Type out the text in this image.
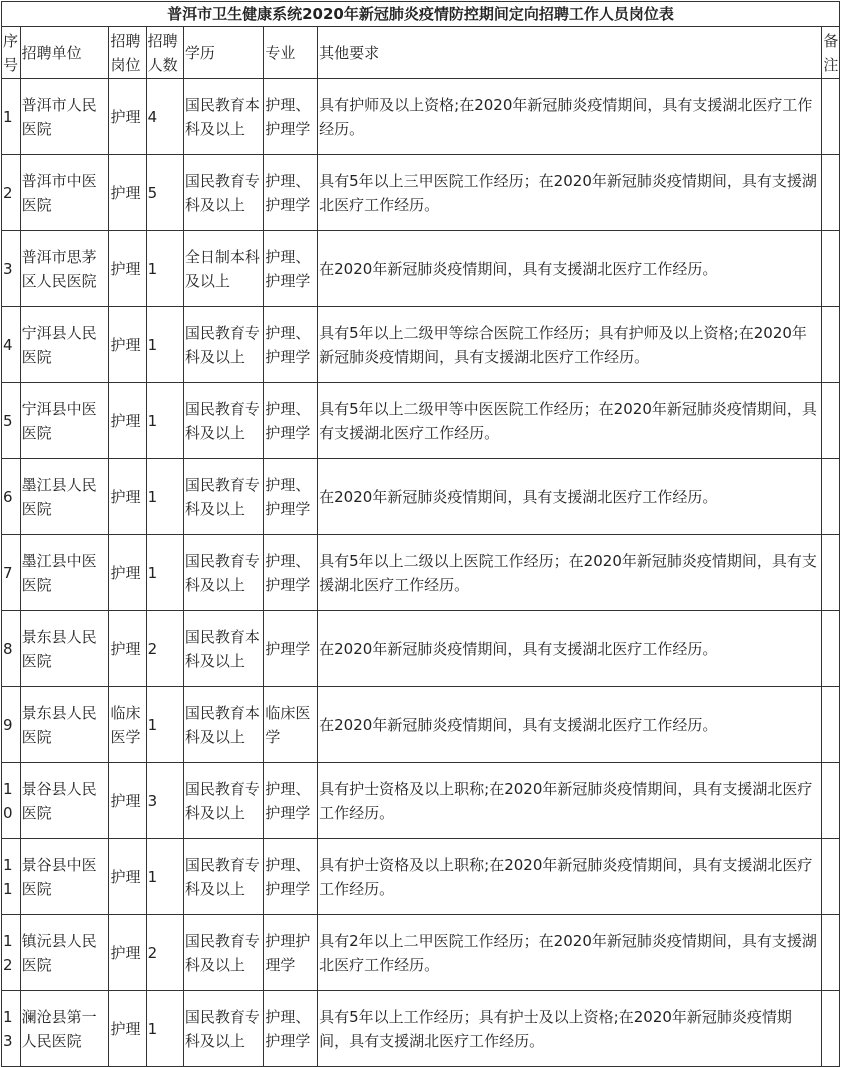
普洱市卫生健康系统2020年新冠肺炎疫情防控期间定向招聘工作人员岗位表							
序号	招聘单位	招聘岗位	招聘人数	学历	专业	其他要求	备注
1	普洱市人民医院	护理	4	国民教育本科及以上	护理、护理学	具有护师及以上资格;在2020年新冠肺炎疫情期间，具有支援湖北医疗工作经历。	
2	普洱市中医医院	护理	5	国民教育专科及以上	护理、护理学	具有5年以上三甲医院工作经历；在2020年新冠肺炎疫情期间，具有支援湖北医疗工作经历。	
3	普洱市思茅区人民医院	护理	1	全日制本科及以上	护理、护理学	在2020年新冠肺炎疫情期间，具有支援湖北医疗工作经历。	
4	宁洱县人民医院	护理	1	国民教育专科及以上	护理、护理学	具有5年以上二级甲等综合医院工作经历；具有护师及以上资格;在2020年新冠肺炎疫情期间，具有支援湖北医疗工作经历。	
5	宁洱县中医医院	护理	1	国民教育专科及以上	护理、护理学	具有5年以上二级甲等中医医院工作经历；在2020年新冠肺炎疫情期间，具有支援湖北医疗工作经历。	
6	墨江县人民医院	护理	1	国民教育专科及以上	护理、护理学	在2020年新冠肺炎疫情期间，具有支援湖北医疗工作经历。	
7	墨江县中医医院	护理	1	国民教育专科及以上	护理、护理学	具有5年以上二级以上医院工作经历；在2020年新冠肺炎疫情期间，具有支援湖北医疗工作经历。	
8	景东县人民医院	护理	2	国民教育本科及以上	护理学	在2020年新冠肺炎疫情期间，具有支援湖北医疗工作经历。	
9	景东县人民医院	临床医学	1	国民教育本科及以上	临床医学	在2020年新冠肺炎疫情期间，具有支援湖北医疗工作经历。	
10	景谷县人民医院	护理	3	国民教育专科及以上	护理、护理学	具有护士资格及以上职称;在2020年新冠肺炎疫情期间，具有支援湖北医疗工作经历。	
11	景谷县中医医院	护理	1	国民教育专科及以上	护理、护理学	具有护士资格及以上职称;在2020年新冠肺炎疫情期间，具有支援湖北医疗工作经历。	
12	镇沅县人民医院	护理	2	国民教育专科及以上	护理护理学	具有2年以上二甲医院工作经历；在2020年新冠肺炎疫情期间，具有支援湖北医疗工作经历。	
13	澜沧县第一人民医院	护理	1	国民教育专科及以上	护理、护理学	具有5年以上工作经历；具有护士及以上资格;在2020年新冠肺炎疫情期间，具有支援湖北医疗工作经历。	
